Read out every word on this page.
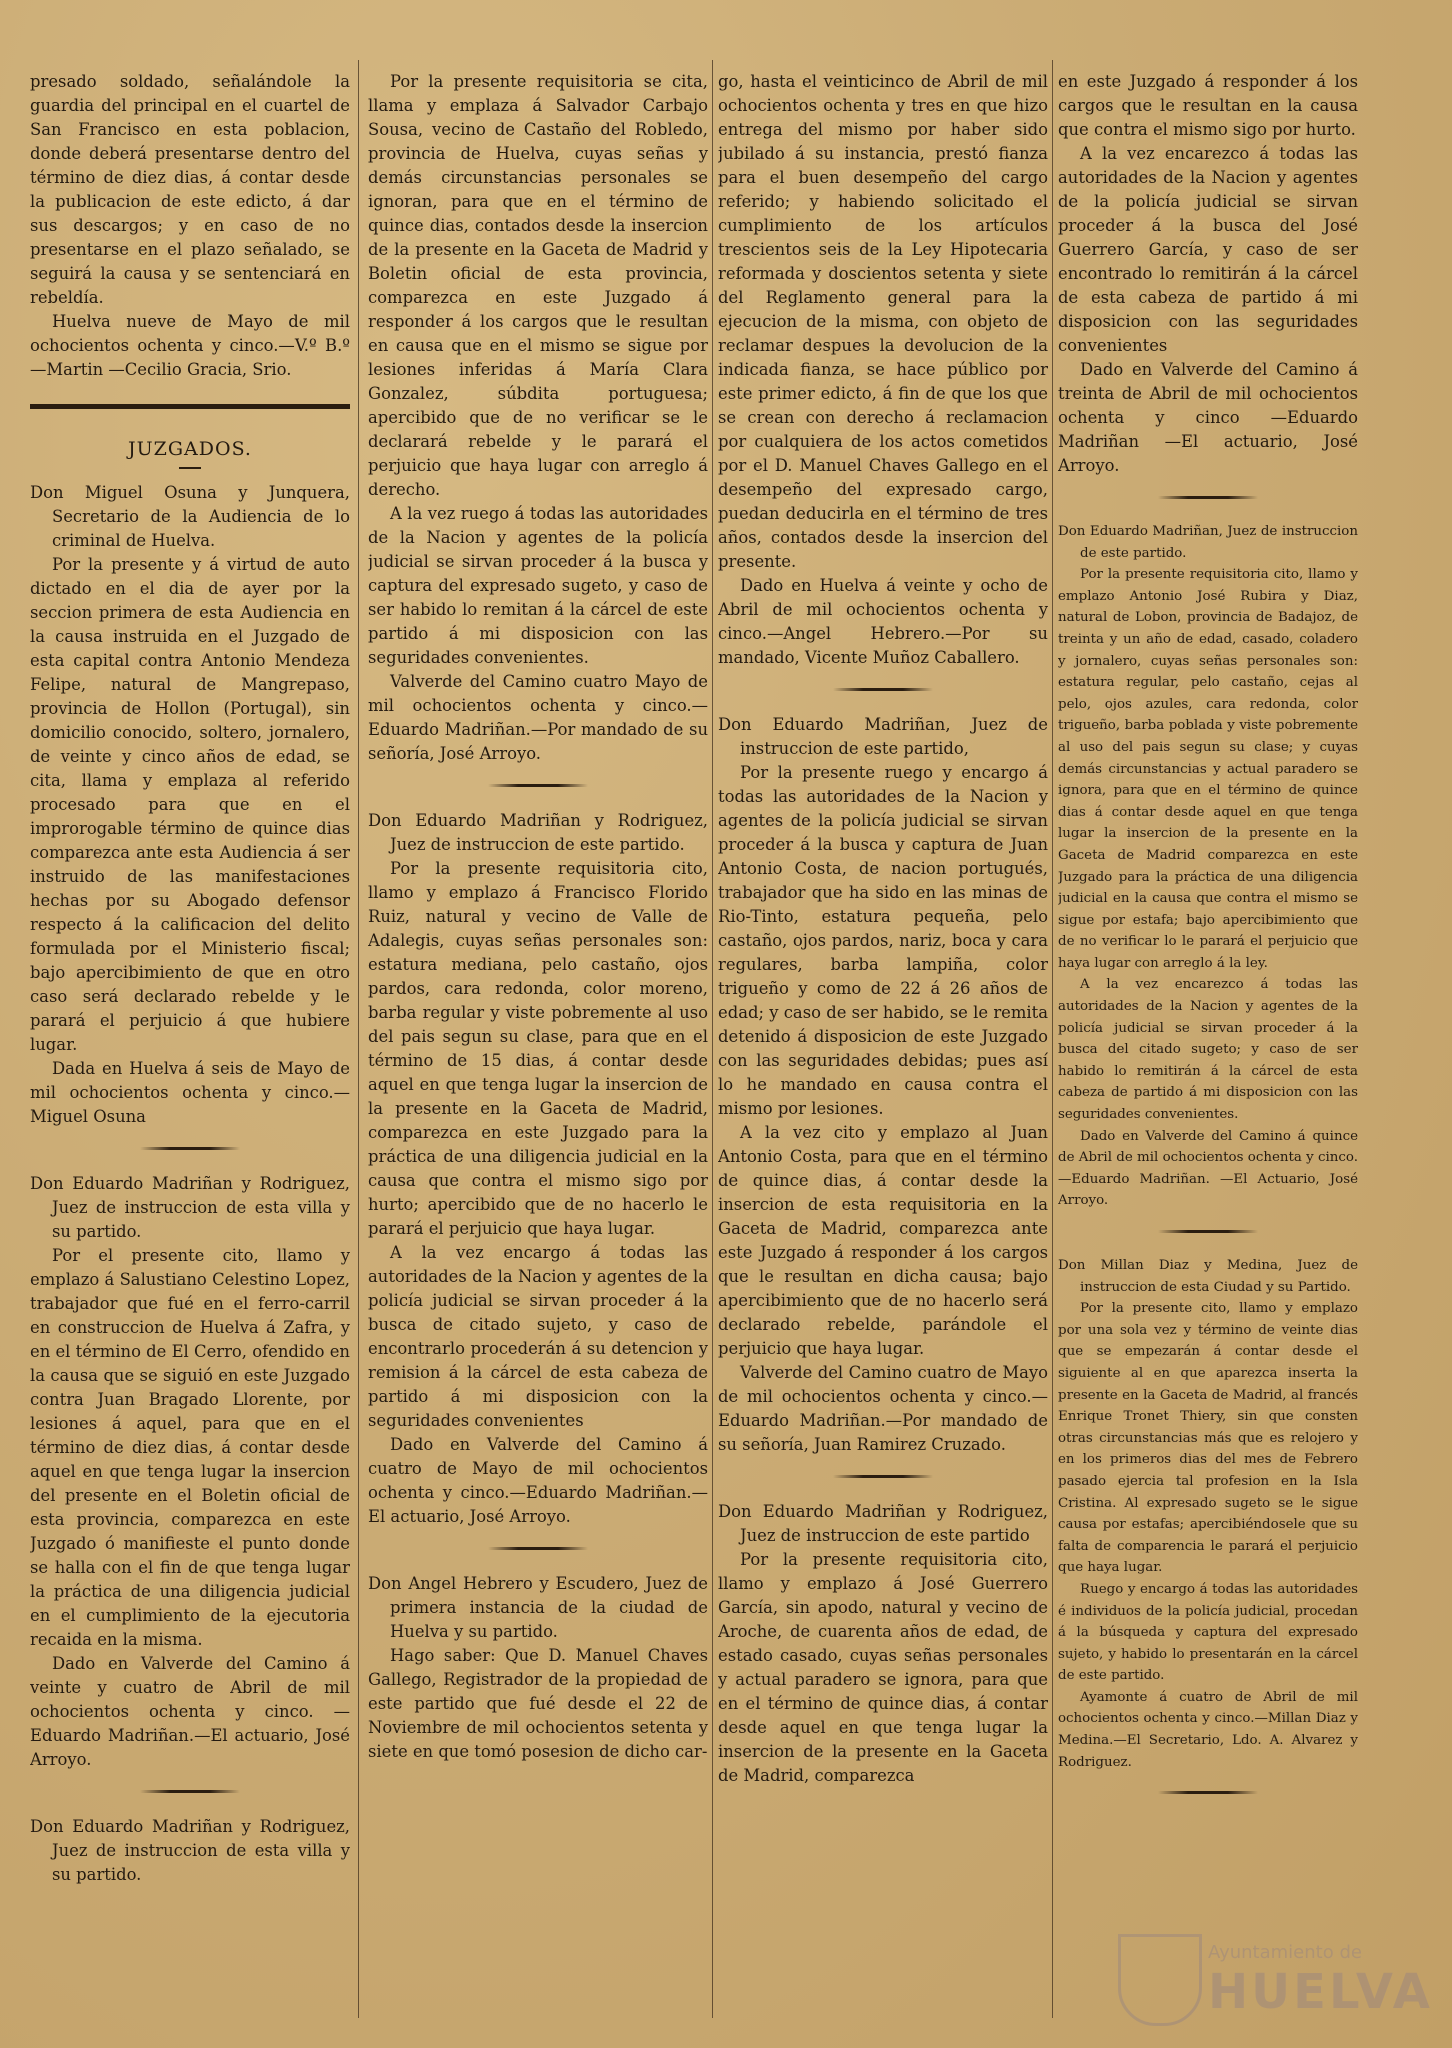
presado soldado, señalándole la guardia del principal en el cuartel de San Francisco en esta poblacion, donde deberá presentarse dentro del término de diez dias, á contar desde la publicacion de este edicto, á dar sus descargos; y en caso de no presentarse en el plazo señalado, se seguirá la causa y se sentenciará en rebeldía.

Huelva nueve de Mayo de mil ochocientos ochenta y cinco.—V.º B.º—Martin —Cecilio Gracia, Srio.

JUZGADOS.

Don Miguel Osuna y Junquera, Secretario de la Audiencia de lo criminal de Huelva.

Por la presente y á virtud de auto dictado en el dia de ayer por la seccion primera de esta Audiencia en la causa instruida en el Juzgado de esta capital contra Antonio Mendeza Felipe, natural de Mangrepaso, provincia de Hollon (Portugal), sin domicilio conocido, soltero, jornalero, de veinte y cinco años de edad, se cita, llama y emplaza al referido procesado para que en el improrogable término de quince dias comparezca ante esta Audiencia á ser instruido de las manifestaciones hechas por su Abogado defensor respecto á la calificacion del delito formulada por el Ministerio fiscal; bajo apercibimiento de que en otro caso será declarado rebelde y le parará el perjuicio á que hubiere lugar.

Dada en Huelva á seis de Mayo de mil ochocientos ochenta y cinco.—Miguel Osuna

Don Eduardo Madriñan y Rodriguez, Juez de instruccion de esta villa y su partido.

Por el presente cito, llamo y emplazo á Salustiano Celestino Lopez, trabajador que fué en el ferro-carril en construccion de Huelva á Zafra, y en el término de El Cerro, ofendido en la causa que se siguió en este Juzgado contra Juan Bragado Llorente, por lesiones á aquel, para que en el término de diez dias, á contar desde aquel en que tenga lugar la insercion del presente en el Boletin oficial de esta provincia, comparezca en este Juzgado ó manifieste el punto donde se halla con el fin de que tenga lugar la práctica de una diligencia judicial en el cumplimiento de la ejecutoria recaida en la misma.

Dado en Valverde del Camino á veinte y cuatro de Abril de mil ochocientos ochenta y cinco. —Eduardo Madriñan.—El actuario, José Arroyo.

Don Eduardo Madriñan y Rodriguez, Juez de instruccion de esta villa y su partido.

Por la presente requisitoria se cita, llama y emplaza á Salvador Carbajo Sousa, vecino de Castaño del Robledo, provincia de Huelva, cuyas señas y demás circunstancias personales se ignoran, para que en el término de quince dias, contados desde la insercion de la presente en la Gaceta de Madrid y Boletin oficial de esta provincia, comparezca en este Juzgado á responder á los cargos que le resultan en causa que en el mismo se sigue por lesiones inferidas á María Clara Gonzalez, súbdita portuguesa; apercibido que de no verificar se le declarará rebelde y le parará el perjuicio que haya lugar con arreglo á derecho.

A la vez ruego á todas las autoridades de la Nacion y agentes de la policía judicial se sirvan proceder á la busca y captura del expresado sugeto, y caso de ser habido lo remitan á la cárcel de este partido á mi disposicion con las seguridades convenientes.

Valverde del Camino cuatro Mayo de mil ochocientos ochenta y cinco.—Eduardo Madriñan.—Por mandado de su señoría, José Arroyo.

Don Eduardo Madriñan y Rodriguez, Juez de instruccion de este partido.

Por la presente requisitoria cito, llamo y emplazo á Francisco Florido Ruiz, natural y vecino de Valle de Adalegis, cuyas señas personales son: estatura mediana, pelo castaño, ojos pardos, cara redonda, color moreno, barba regular y viste pobremente al uso del pais segun su clase, para que en el término de 15 dias, á contar desde aquel en que tenga lugar la insercion de la presente en la Gaceta de Madrid, comparezca en este Juzgado para la práctica de una diligencia judicial en la causa que contra el mismo sigo por hurto; apercibido que de no hacerlo le parará el perjuicio que haya lugar.

A la vez encargo á todas las autoridades de la Nacion y agentes de la policía judicial se sirvan proceder á la busca de citado sujeto, y caso de encontrarlo procederán á su detencion y remision á la cárcel de esta cabeza de partido á mi disposicion con la seguridades convenientes

Dado en Valverde del Camino á cuatro de Mayo de mil ochocientos ochenta y cinco.—Eduardo Madriñan.—El actuario, José Arroyo.

Don Angel Hebrero y Escudero, Juez de primera instancia de la ciudad de Huelva y su partido.

Hago saber: Que D. Manuel Chaves Gallego, Registrador de la propiedad de este partido que fué desde el 22 de Noviembre de mil ochocientos setenta y siete en que tomó posesion de dicho car-

go, hasta el veinticinco de Abril de mil ochocientos ochenta y tres en que hizo entrega del mismo por haber sido jubilado á su instancia, prestó fianza para el buen desempeño del cargo referido; y habiendo solicitado el cumplimiento de los artículos trescientos seis de la Ley Hipotecaria reformada y doscientos setenta y siete del Reglamento general para la ejecucion de la misma, con objeto de reclamar despues la devolucion de la indicada fianza, se hace público por este primer edicto, á fin de que los que se crean con derecho á reclamacion por cualquiera de los actos cometidos por el D. Manuel Chaves Gallego en el desempeño del expresado cargo, puedan deducirla en el término de tres años, contados desde la insercion del presente.

Dado en Huelva á veinte y ocho de Abril de mil ochocientos ochenta y cinco.—Angel Hebrero.—Por su mandado, Vicente Muñoz Caballero.

Don Eduardo Madriñan, Juez de instruccion de este partido,

Por la presente ruego y encargo á todas las autoridades de la Nacion y agentes de la policía judicial se sirvan proceder á la busca y captura de Juan Antonio Costa, de nacion portugués, trabajador que ha sido en las minas de Rio-Tinto, estatura pequeña, pelo castaño, ojos pardos, nariz, boca y cara regulares, barba lampiña, color trigueño y como de 22 á 26 años de edad; y caso de ser habido, se le remita detenido á disposicion de este Juzgado con las seguridades debidas; pues así lo he mandado en causa contra el mismo por lesiones.

A la vez cito y emplazo al Juan Antonio Costa, para que en el término de quince dias, á contar desde la insercion de esta requisitoria en la Gaceta de Madrid, comparezca ante este Juzgado á responder á los cargos que le resultan en dicha causa; bajo apercibimiento que de no hacerlo será declarado rebelde, parándole el perjuicio que haya lugar.

Valverde del Camino cuatro de Mayo de mil ochocientos ochenta y cinco.—Eduardo Madriñan.—Por mandado de su señoría, Juan Ramirez Cruzado.

Don Eduardo Madriñan y Rodriguez, Juez de instruccion de este partido

Por la presente requisitoria cito, llamo y emplazo á José Guerrero García, sin apodo, natural y vecino de Aroche, de cuarenta años de edad, de estado casado, cuyas señas personales y actual paradero se ignora, para que en el término de quince dias, á contar desde aquel en que tenga lugar la insercion de la presente en la Gaceta de Madrid, comparezca

en este Juzgado á responder á los cargos que le resultan en la causa que contra el mismo sigo por hurto.

A la vez encarezco á todas las autoridades de la Nacion y agentes de la policía judicial se sirvan proceder á la busca del José Guerrero García, y caso de ser encontrado lo remitirán á la cárcel de esta cabeza de partido á mi disposicion con las seguridades convenientes

Dado en Valverde del Camino á treinta de Abril de mil ochocientos ochenta y cinco —Eduardo Madriñan —El actuario, José Arroyo.

Don Eduardo Madriñan, Juez de instruccion de este partido.

Por la presente requisitoria cito, llamo y emplazo Antonio José Rubira y Diaz, natural de Lobon, provincia de Badajoz, de treinta y un año de edad, casado, coladero y jornalero, cuyas señas personales son: estatura regular, pelo castaño, cejas al pelo, ojos azules, cara redonda, color trigueño, barba poblada y viste pobremente al uso del pais segun su clase; y cuyas demás circunstancias y actual paradero se ignora, para que en el término de quince dias á contar desde aquel en que tenga lugar la insercion de la presente en la Gaceta de Madrid comparezca en este Juzgado para la práctica de una diligencia judicial en la causa que contra el mismo se sigue por estafa; bajo apercibimiento que de no verificar lo le parará el perjuicio que haya lugar con arreglo á la ley.

A la vez encarezco á todas las autoridades de la Nacion y agentes de la policía judicial se sirvan proceder á la busca del citado sugeto; y caso de ser habido lo remitirán á la cárcel de esta cabeza de partido á mi disposicion con las seguridades convenientes.

Dado en Valverde del Camino á quince de Abril de mil ochocientos ochenta y cinco.—Eduardo Madriñan. —El Actuario, José Arroyo.

Don Millan Diaz y Medina, Juez de instruccion de esta Ciudad y su Partido.

Por la presente cito, llamo y emplazo por una sola vez y término de veinte dias que se empezarán á contar desde el siguiente al en que aparezca inserta la presente en la Gaceta de Madrid, al francés Enrique Tronet Thiery, sin que consten otras circunstancias más que es relojero y en los primeros dias del mes de Febrero pasado ejercia tal profesion en la Isla Cristina. Al expresado sugeto se le sigue causa por estafas; apercibiéndosele que su falta de comparencia le parará el perjuicio que haya lugar.

Ruego y encargo á todas las autoridades é individuos de la policía judicial, procedan á la búsqueda y captura del expresado sujeto, y habido lo presentarán en la cárcel de este partido.

Ayamonte á cuatro de Abril de mil ochocientos ochenta y cinco.—Millan Diaz y Medina.—El Secretario, Ldo. A. Alvarez y Rodriguez.

Ayuntamiento de
HUELVA
